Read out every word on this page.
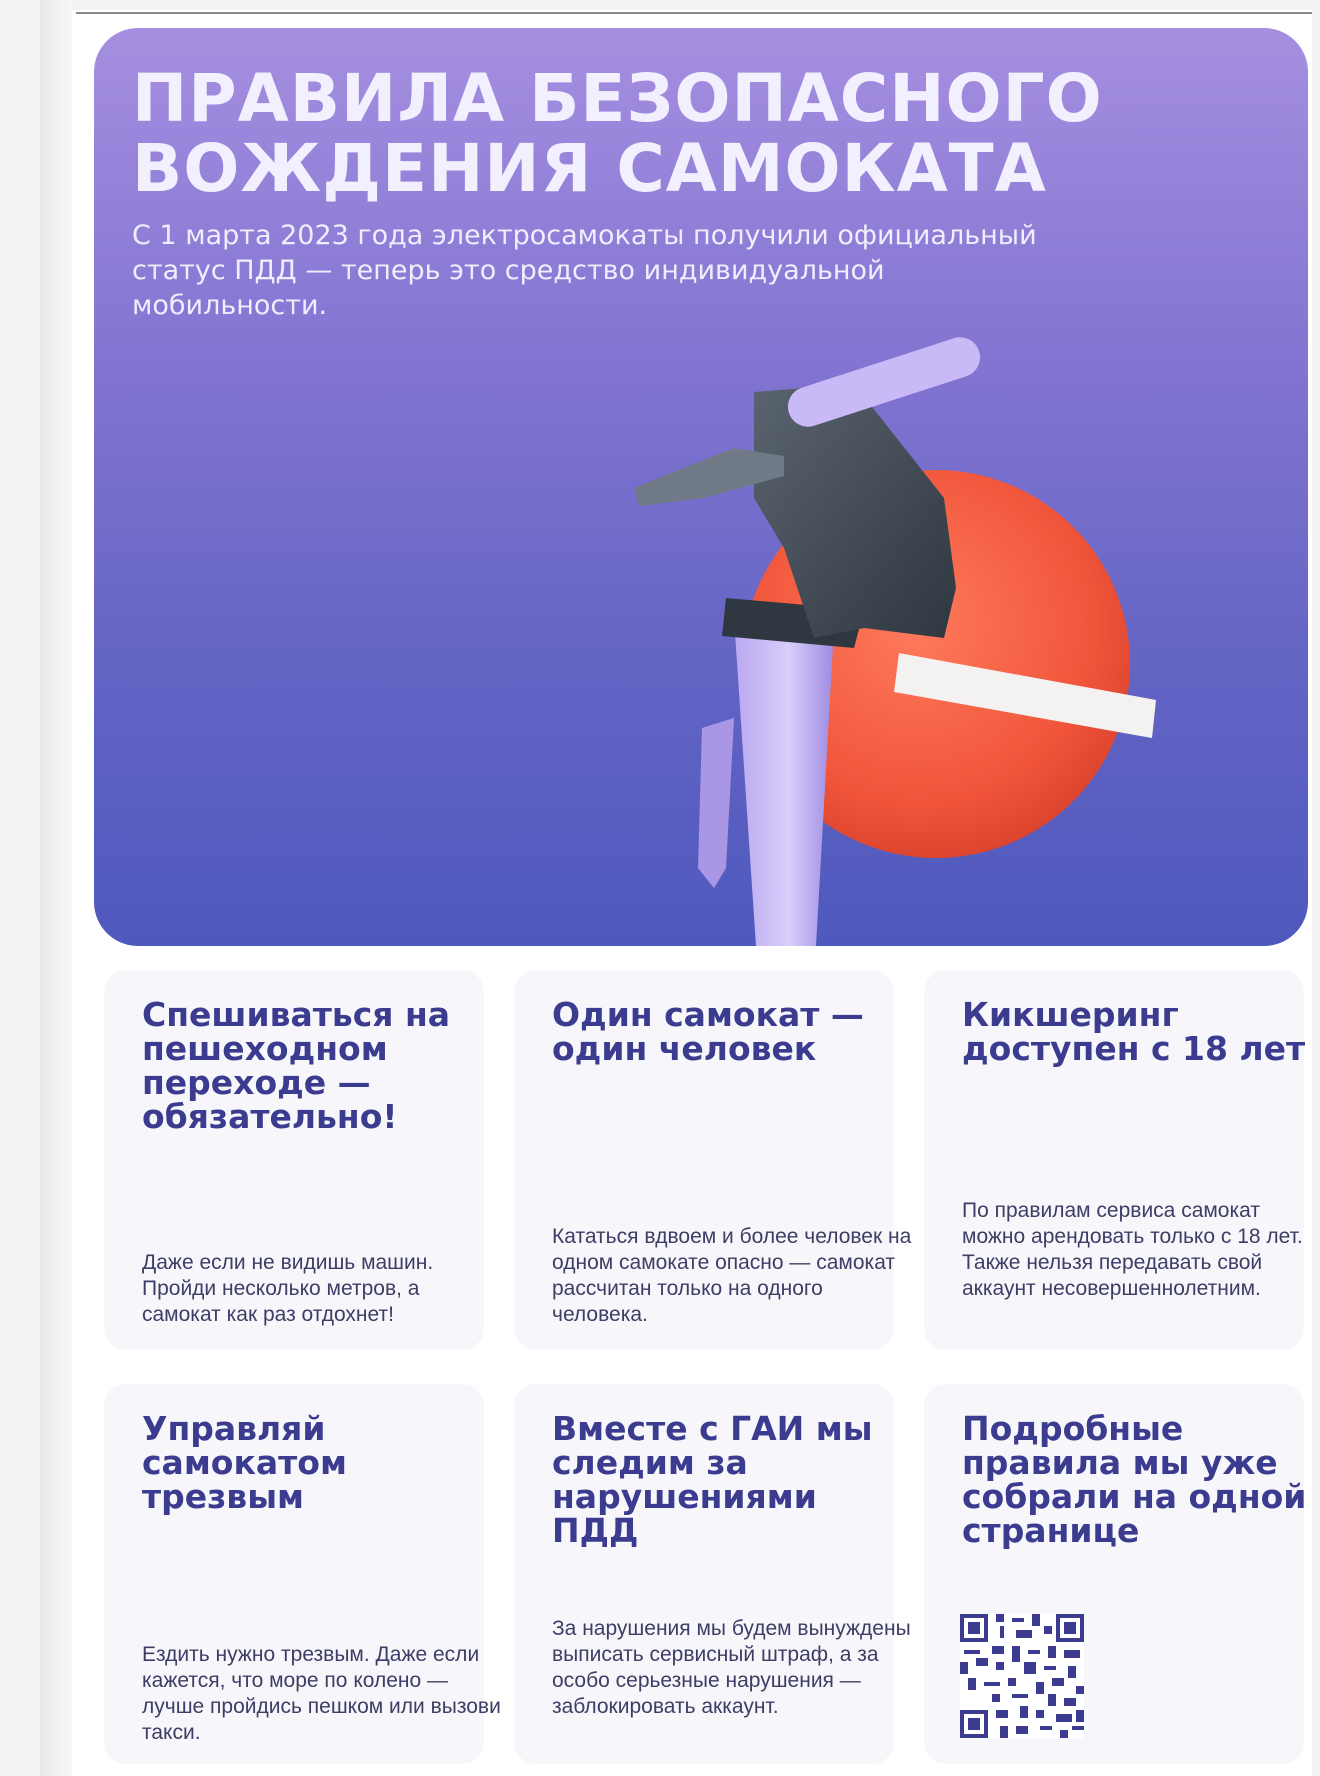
ПРАВИЛА БЕЗОПАСНОГО ВОЖДЕНИЯ САМОКАТА

С 1 марта 2023 года электросамокаты получили официальный статус ПДД — теперь это средство индивидуальной мобильности.

Спешиваться на пешеходном переходе — обязательно!

Даже если не видишь машин. Пройди несколько метров, а самокат как раз отдохнет!

Один самокат — один человек

Кататься вдвоем и более человек на одном самокате опасно — самокат рассчитан только на одного человека.

Кикшеринг доступен с 18 лет

По правилам сервиса самокат можно арендовать только с 18 лет. Также нельзя передавать свой аккаунт несовершеннолетним.

Управляй самокатом трезвым

Ездить нужно трезвым. Даже если кажется, что море по колено — лучше пройдись пешком или вызови такси.

Вместе с ГАИ мы следим за нарушениями ПДД

За нарушения мы будем вынуждены выписать сервисный штраф, а за особо серьезные нарушения — заблокировать аккаунт.

Подробные правила мы уже собрали на одной странице
